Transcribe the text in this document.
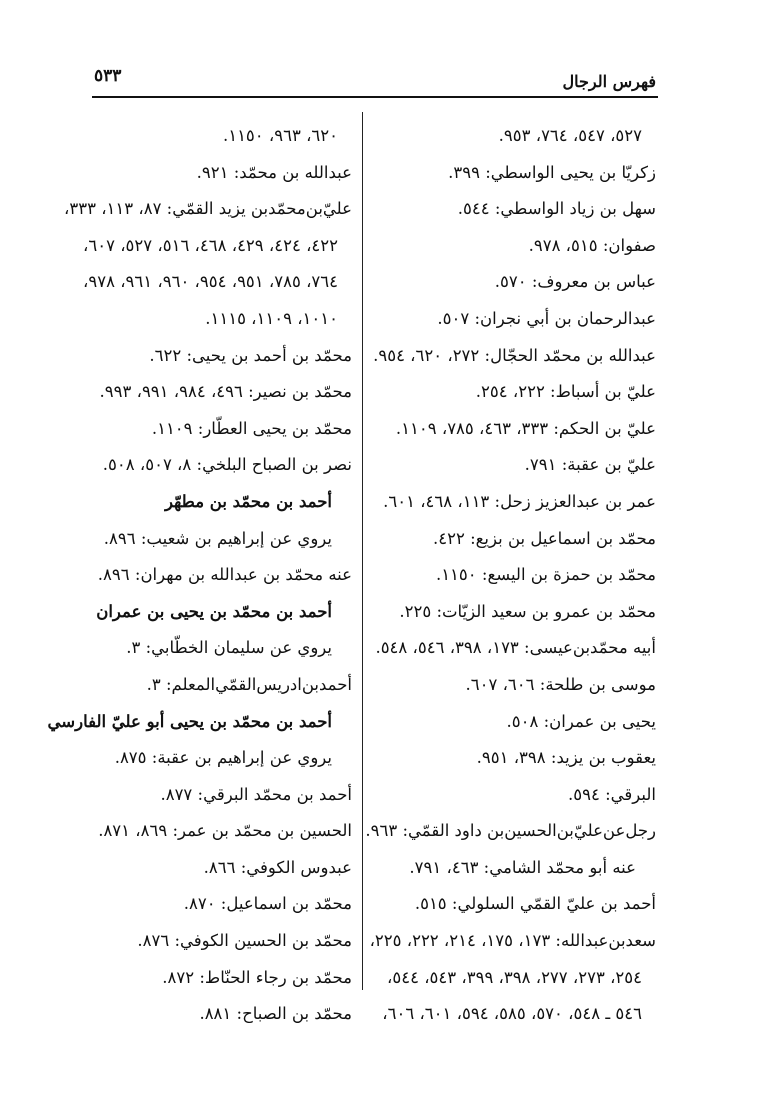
فهرس الرجال
٥٣٣
٥٢٧، ٥٤٧، ٧٦٤، ٩٥٣.
زكريّا بن يحيى الواسطي: ٣٩٩.
سهل بن زياد الواسطي: ٥٤٤.
صفوان: ٥١٥، ٩٧٨.
عباس بن معروف: ٥٧٠.
عبدالرحمان بن أبي نجران: ٥٠٧.
عبدالله بن محمّد الحجّال: ٢٧٢، ٦٢٠، ٩٥٤.
عليّ بن أسباط: ٢٢٢، ٢٥٤.
عليّ بن الحكم: ٣٣٣، ٤٦٣، ٧٨٥، ١١٠٩.
عليّ بن عقبة: ٧٩١.
عمر بن عبدالعزيز زحل: ١١٣، ٤٦٨، ٦٠١.
محمّد بن اسماعيل بن بزيع: ٤٢٢.
محمّد بن حمزة بن اليسع: ١١٥٠.
محمّد بن عمرو بن سعيد الزيّات: ٢٢٥.
أبيه محمّدبن‌عيسى: ١٧٣، ٣٩٨، ٥٤٦، ٥٤٨.
موسى بن طلحة: ٦٠٦، ٦٠٧.
يحيى بن عمران: ٥٠٨.
يعقوب بن يزيد: ٣٩٨، ٩٥١.
البرقي: ٥٩٤.
رجل‌عن‌عليّ‌بن‌الحسين‌بن داود القمّي: ٩٦٣.
عنه أبو محمّد الشامي: ٤٦٣، ٧٩١.
أحمد بن عليّ القمّي السلولي: ٥١٥.
سعدبن‌عبدالله: ١٧٣، ١٧٥، ٢١٤، ٢٢٢، ٢٢٥،
٢٥٤، ٢٧٣، ٢٧٧، ٣٩٨، ٣٩٩، ٥٤٣، ٥٤٤،
٥٤٦ ـ ٥٤٨، ٥٧٠، ٥٨٥، ٥٩٤، ٦٠١، ٦٠٦،
٦٢٠، ٩٦٣، ١١٥٠.
عبدالله بن محمّد: ٩٢١.
عليّ‌بن‌محمّدبن يزيد القمّي: ٨٧، ١١٣، ٣٣٣،
٤٢٢، ٤٢٤، ٤٢٩، ٤٦٨، ٥١٦، ٥٢٧، ٦٠٧،
٧٦٤، ٧٨٥، ٩٥١، ٩٥٤، ٩٦٠، ٩٦١، ٩٧٨،
١٠١٠، ١١٠٩، ١١١٥.
محمّد بن أحمد بن يحيى: ٦٢٢.
محمّد بن نصير: ٤٩٦، ٩٨٤، ٩٩١، ٩٩٣.
محمّد بن يحيى العطّار: ١١٠٩.
نصر بن الصباح البلخي: ٨، ٥٠٧، ٥٠٨.
أحمد بن محمّد بن مطهّر
يروي عن إبراهيم بن شعيب: ٨٩٦.
عنه محمّد بن عبدالله بن مهران: ٨٩٦.
أحمد بن محمّد بن يحيى بن عمران
يروي عن سليمان الخطّابي: ٣.
أحمدبن‌ادريس‌القمّي‌المعلم: ٣.
أحمد بن محمّد بن يحيى أبو عليّ الفارسي
يروي عن إبراهيم بن عقبة: ٨٧٥.
أحمد بن محمّد البرقي: ٨٧٧.
الحسين بن محمّد بن عمر: ٨٦٩، ٨٧١.
عبدوس الكوفي: ٨٦٦.
محمّد بن اسماعيل: ٨٧٠.
محمّد بن الحسين الكوفي: ٨٧٦.
محمّد بن رجاء الحنّاط: ٨٧٢.
محمّد بن الصباح: ٨٨١.
